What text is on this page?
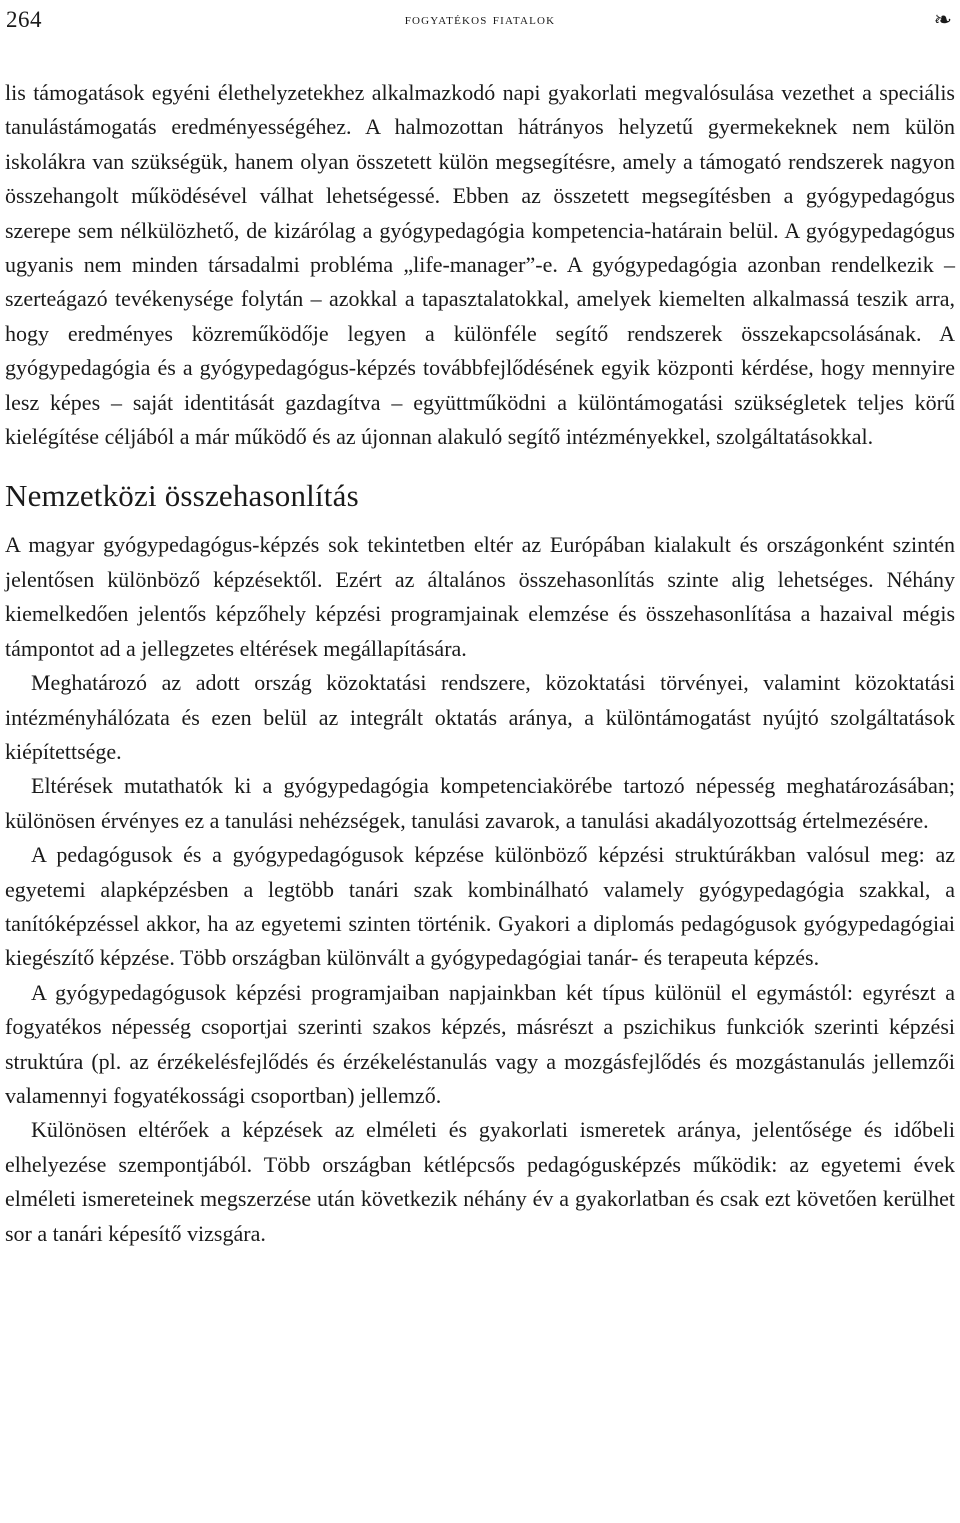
264	fogyatékos fiatalok	❧

lis támogatások egyéni élethelyzetekhez alkalmazkodó napi gyakorlati megvalósulása vezethet a speciális tanulástámogatás eredményességéhez. A halmozottan hátrányos helyzetű gyermekeknek nem külön iskolákra van szükségük, hanem olyan összetett külön megsegítésre, amely a támogató rendszerek nagyon összehangolt működésével válhat lehetségessé. Ebben az összetett megsegítésben a gyógypedagógus szerepe sem nélkülözhető, de kizárólag a gyógypedagógia kompetencia-határain belül. A gyógypedagógus ugyanis nem minden társadalmi probléma „life-manager”-e. A gyógypedagógia azonban rendelkezik – szerteágazó tevékenysége folytán – azokkal a tapasztalatokkal, amelyek kiemelten alkalmassá teszik arra, hogy eredményes közreműködője legyen a különféle segítő rendszerek összekapcsolásának. A gyógypedagógia és a gyógypedagógus-képzés továbbfejlődésének egyik központi kérdése, hogy mennyire lesz képes – saját identitását gazdagítva – együttműködni a különtámogatási szükségletek teljes körű kielégítése céljából a már működő és az újonnan alakuló segítő intézményekkel, szolgáltatásokkal.

Nemzetközi összehasonlítás

A magyar gyógypedagógus-képzés sok tekintetben eltér az Európában kialakult és országonként szintén jelentősen különböző képzésektől. Ezért az általános összehasonlítás szinte alig lehetséges. Néhány kiemelkedően jelentős képzőhely képzési programjainak elemzése és összehasonlítása a hazaival mégis támpontot ad a jellegzetes eltérések megállapítására.

Meghatározó az adott ország közoktatási rendszere, közoktatási törvényei, valamint közoktatási intézményhálózata és ezen belül az integrált oktatás aránya, a különtámogatást nyújtó szolgáltatások kiépítettsége.

Eltérések mutathatók ki a gyógypedagógia kompetenciakörébe tartozó népesség meghatározásában; különösen érvényes ez a tanulási nehézségek, tanulási zavarok, a tanulási akadályozottság értelmezésére.

A pedagógusok és a gyógypedagógusok képzése különböző képzési struktúrákban valósul meg: az egyetemi alapképzésben a legtöbb tanári szak kombinálható valamely gyógypedagógia szakkal, a tanítóképzéssel akkor, ha az egyetemi szinten történik. Gyakori a diplomás pedagógusok gyógypedagógiai kiegészítő képzése. Több országban különvált a gyógypedagógiai tanár- és terapeuta képzés.

A gyógypedagógusok képzési programjaiban napjainkban két típus különül el egymástól: egyrészt a fogyatékos népesség csoportjai szerinti szakos képzés, másrészt a pszichikus funkciók szerinti képzési struktúra (pl. az érzékelésfejlődés és érzékeléstanulás vagy a mozgásfejlődés és mozgástanulás jellemzői valamennyi fogyatékossági csoportban) jellemző.

Különösen eltérőek a képzések az elméleti és gyakorlati ismeretek aránya, jelentősége és időbeli elhelyezése szempontjából. Több országban kétlépcsős pedagógusképzés működik: az egyetemi évek elméleti ismereteinek megszerzése után következik néhány év a gyakorlatban és csak ezt követően kerülhet sor a tanári képesítő vizsgára.
